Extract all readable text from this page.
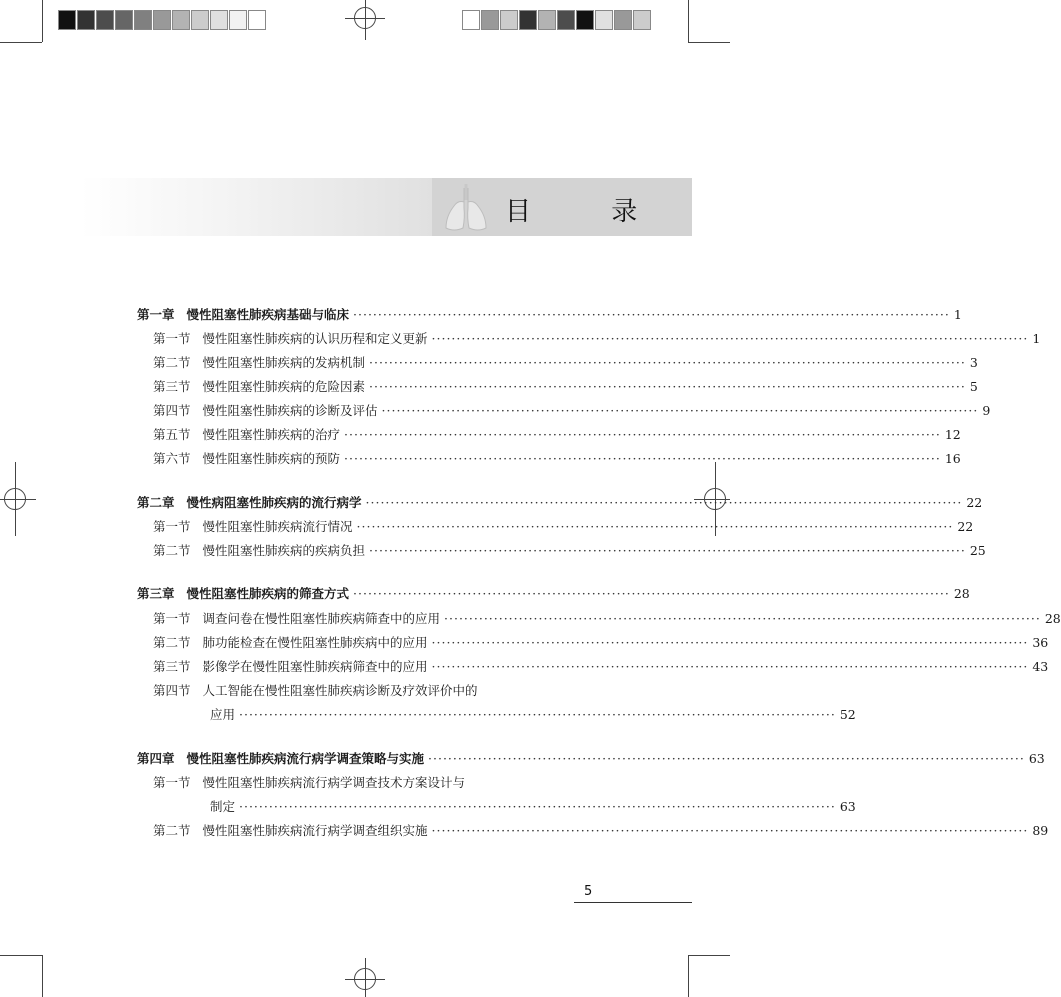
目 录
第一章 慢性阻塞性肺疾病基础与临床 ························································································································ 1
第一节 慢性阻塞性肺疾病的认识历程和定义更新 ························································································································ 1
第二节 慢性阻塞性肺疾病的发病机制 ························································································································ 3
第三节 慢性阻塞性肺疾病的危险因素 ························································································································ 5
第四节 慢性阻塞性肺疾病的诊断及评估 ························································································································ 9
第五节 慢性阻塞性肺疾病的治疗 ························································································································ 12
第六节 慢性阻塞性肺疾病的预防 ························································································································ 16
第二章 慢性病阻塞性肺疾病的流行病学 ························································································································ 22
第一节 慢性阻塞性肺疾病流行情况 ························································································································ 22
第二节 慢性阻塞性肺疾病的疾病负担 ························································································································ 25
第三章 慢性阻塞性肺疾病的筛查方式 ························································································································ 28
第一节 调查问卷在慢性阻塞性肺疾病筛查中的应用 ························································································································ 28
第二节 肺功能检查在慢性阻塞性肺疾病中的应用 ························································································································ 36
第三节 影像学在慢性阻塞性肺疾病筛查中的应用 ························································································································ 43
第四节 人工智能在慢性阻塞性肺疾病诊断及疗效评价中的
应用 ························································································································ 52
第四章 慢性阻塞性肺疾病流行病学调查策略与实施 ························································································································ 63
第一节 慢性阻塞性肺疾病流行病学调查技术方案设计与
制定 ························································································································ 63
第二节 慢性阻塞性肺疾病流行病学调查组织实施 ························································································································ 89
5
